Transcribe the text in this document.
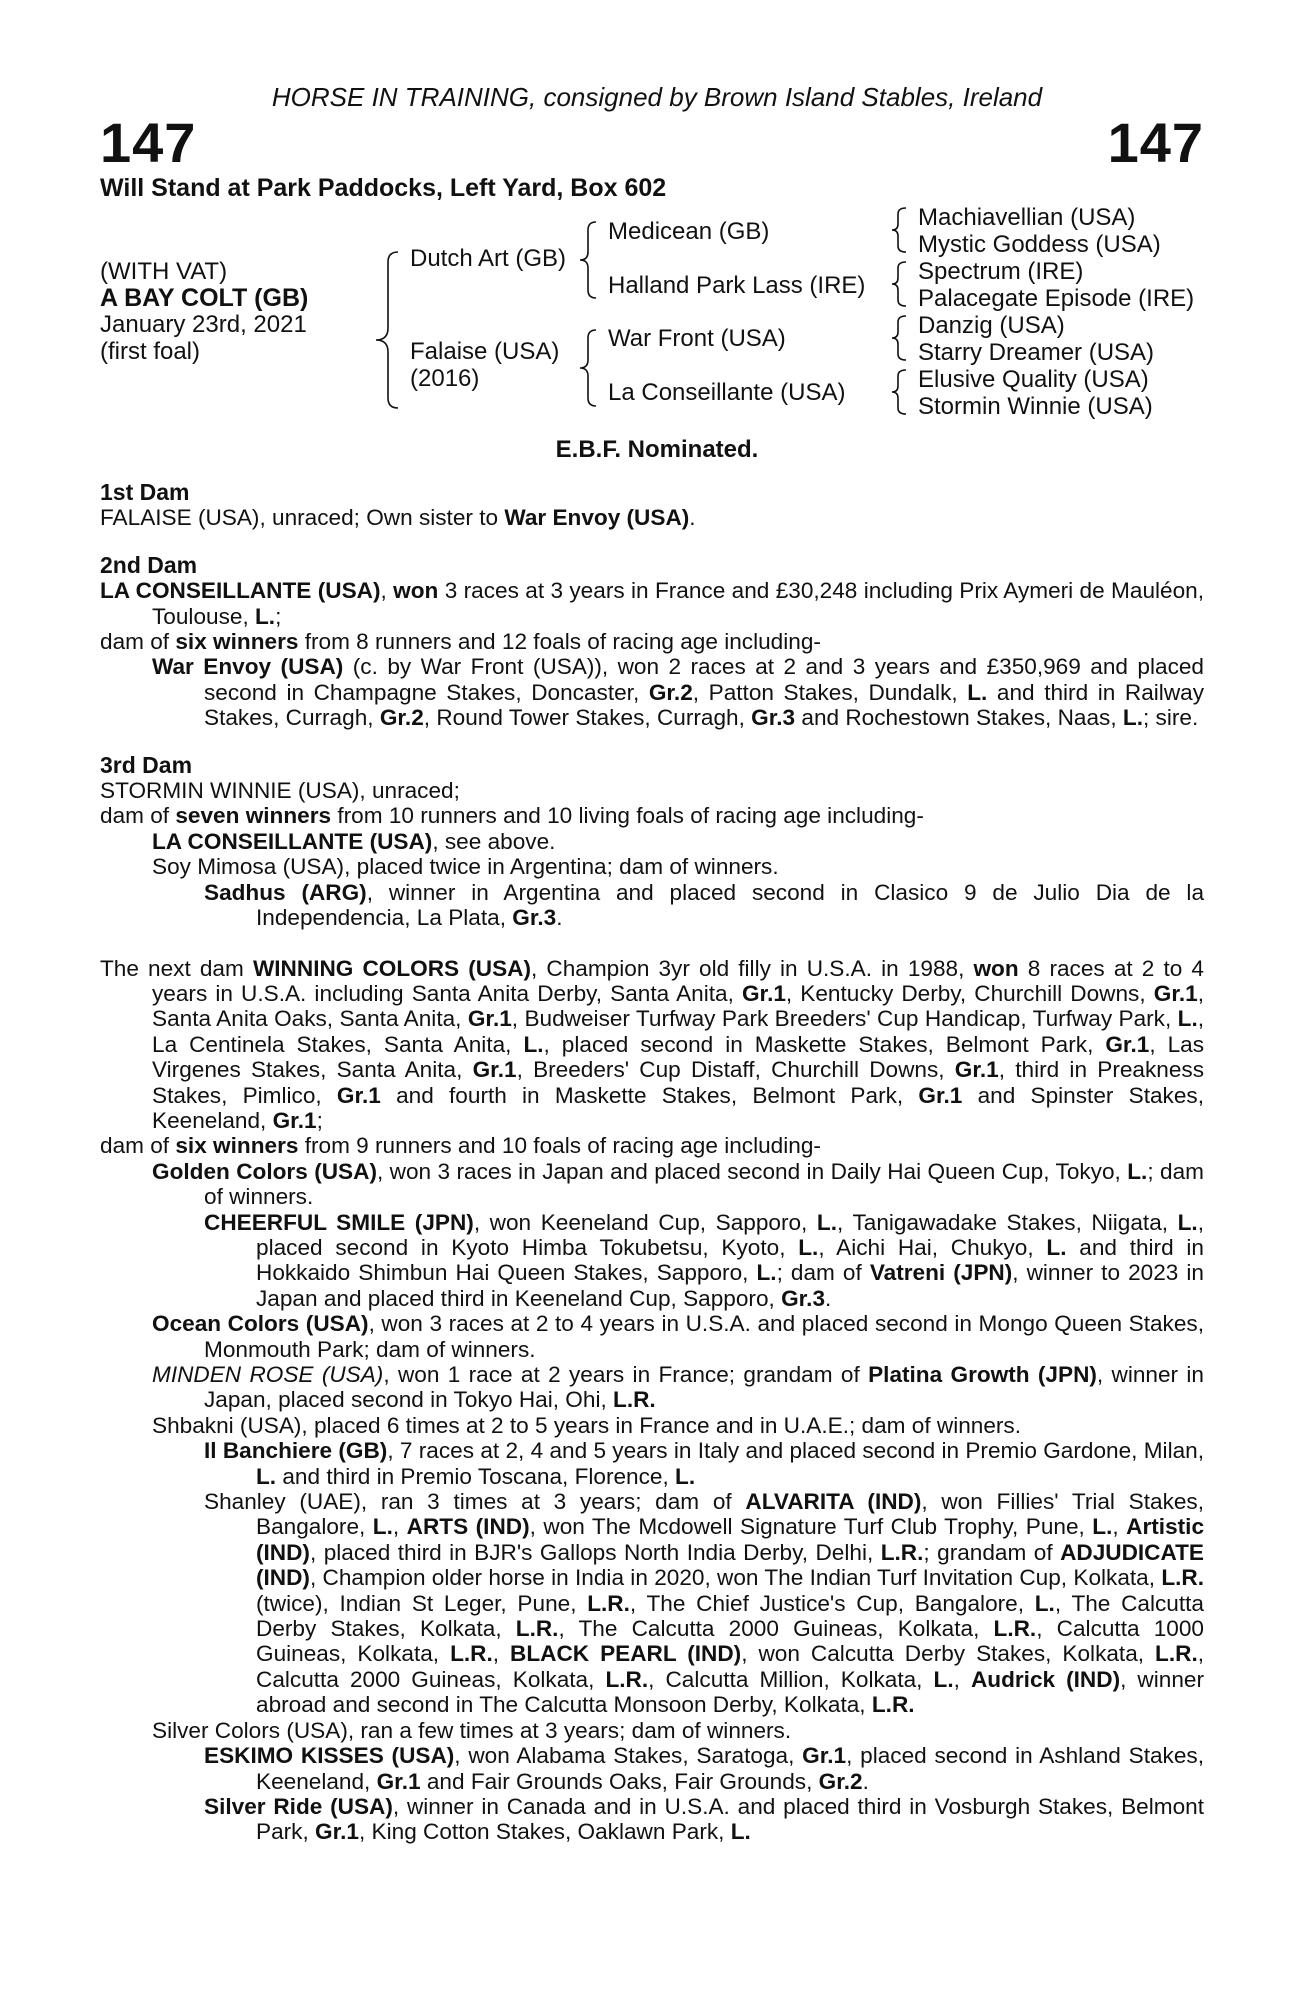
HORSE IN TRAINING, consigned by Brown Island Stables, Ireland
147	147
Will Stand at Park Paddocks, Left Yard, Box 602
(WITH VAT)
A BAY COLT (GB)
January 23rd, 2021
(first foal)
Dutch Art (GB)
Falaise (USA)
(2016)
Medicean (GB)
Halland Park Lass (IRE)
War Front (USA)
La Conseillante (USA)
Machiavellian (USA)
Mystic Goddess (USA)
Spectrum (IRE)
Palacegate Episode (IRE)
Danzig (USA)
Starry Dreamer (USA)
Elusive Quality (USA)
Stormin Winnie (USA)
E.B.F. Nominated.

1st Dam

FALAISE (USA), unraced; Own sister to War Envoy (USA).

2nd Dam

LA CONSEILLANTE (USA), won 3 races at 3 years in France and £30,248 including Prix Aymeri de Mauléon, Toulouse, L.;

dam of six winners from 8 runners and 12 foals of racing age including-

War Envoy (USA) (c. by War Front (USA)), won 2 races at 2 and 3 years and £350,969 and placed second in Champagne Stakes, Doncaster, Gr.2, Patton Stakes, Dundalk, L. and third in Railway Stakes, Curragh, Gr.2, Round Tower Stakes, Curragh, Gr.3 and Rochestown Stakes, Naas, L.; sire.

3rd Dam

STORMIN WINNIE (USA), unraced;

dam of seven winners from 10 runners and 10 living foals of racing age including-

LA CONSEILLANTE (USA), see above.

Soy Mimosa (USA), placed twice in Argentina; dam of winners.

Sadhus (ARG), winner in Argentina and placed second in Clasico 9 de Julio Dia de la Independencia, La Plata, Gr.3.

The next dam WINNING COLORS (USA), Champion 3yr old filly in U.S.A. in 1988, won 8 races at 2 to 4 years in U.S.A. including Santa Anita Derby, Santa Anita, Gr.1, Kentucky Derby, Churchill Downs, Gr.1, Santa Anita Oaks, Santa Anita, Gr.1, Budweiser Turfway Park Breeders' Cup Handicap, Turfway Park, L., La Centinela Stakes, Santa Anita, L., placed second in Maskette Stakes, Belmont Park, Gr.1, Las Virgenes Stakes, Santa Anita, Gr.1, Breeders' Cup Distaff, Churchill Downs, Gr.1, third in Preakness Stakes, Pimlico, Gr.1 and fourth in Maskette Stakes, Belmont Park, Gr.1 and Spinster Stakes, Keeneland, Gr.1;

dam of six winners from 9 runners and 10 foals of racing age including-

Golden Colors (USA), won 3 races in Japan and placed second in Daily Hai Queen Cup, Tokyo, L.; dam of winners.

CHEERFUL SMILE (JPN), won Keeneland Cup, Sapporo, L., Tanigawadake Stakes, Niigata, L., placed second in Kyoto Himba Tokubetsu, Kyoto, L., Aichi Hai, Chukyo, L. and third in Hokkaido Shimbun Hai Queen Stakes, Sapporo, L.; dam of Vatreni (JPN), winner to 2023 in Japan and placed third in Keeneland Cup, Sapporo, Gr.3.

Ocean Colors (USA), won 3 races at 2 to 4 years in U.S.A. and placed second in Mongo Queen Stakes, Monmouth Park; dam of winners.

MINDEN ROSE (USA), won 1 race at 2 years in France; grandam of Platina Growth (JPN), winner in Japan, placed second in Tokyo Hai, Ohi, L.R.

Shbakni (USA), placed 6 times at 2 to 5 years in France and in U.A.E.; dam of winners.

Il Banchiere (GB), 7 races at 2, 4 and 5 years in Italy and placed second in Premio Gardone, Milan, L. and third in Premio Toscana, Florence, L.

Shanley (UAE), ran 3 times at 3 years; dam of ALVARITA (IND), won Fillies' Trial Stakes, Bangalore, L., ARTS (IND), won The Mcdowell Signature Turf Club Trophy, Pune, L., Artistic (IND), placed third in BJR's Gallops North India Derby, Delhi, L.R.; grandam of ADJUDICATE (IND), Champion older horse in India in 2020, won The Indian Turf Invitation Cup, Kolkata, L.R. (twice), Indian St Leger, Pune, L.R., The Chief Justice's Cup, Bangalore, L., The Calcutta Derby Stakes, Kolkata, L.R., The Calcutta 2000 Guineas, Kolkata, L.R., Calcutta 1000 Guineas, Kolkata, L.R., BLACK PEARL (IND), won Calcutta Derby Stakes, Kolkata, L.R., Calcutta 2000 Guineas, Kolkata, L.R., Calcutta Million, Kolkata, L., Audrick (IND), winner abroad and second in The Calcutta Monsoon Derby, Kolkata, L.R.

Silver Colors (USA), ran a few times at 3 years; dam of winners.

ESKIMO KISSES (USA), won Alabama Stakes, Saratoga, Gr.1, placed second in Ashland Stakes, Keeneland, Gr.1 and Fair Grounds Oaks, Fair Grounds, Gr.2.

Silver Ride (USA), winner in Canada and in U.S.A. and placed third in Vosburgh Stakes, Belmont Park, Gr.1, King Cotton Stakes, Oaklawn Park, L.
